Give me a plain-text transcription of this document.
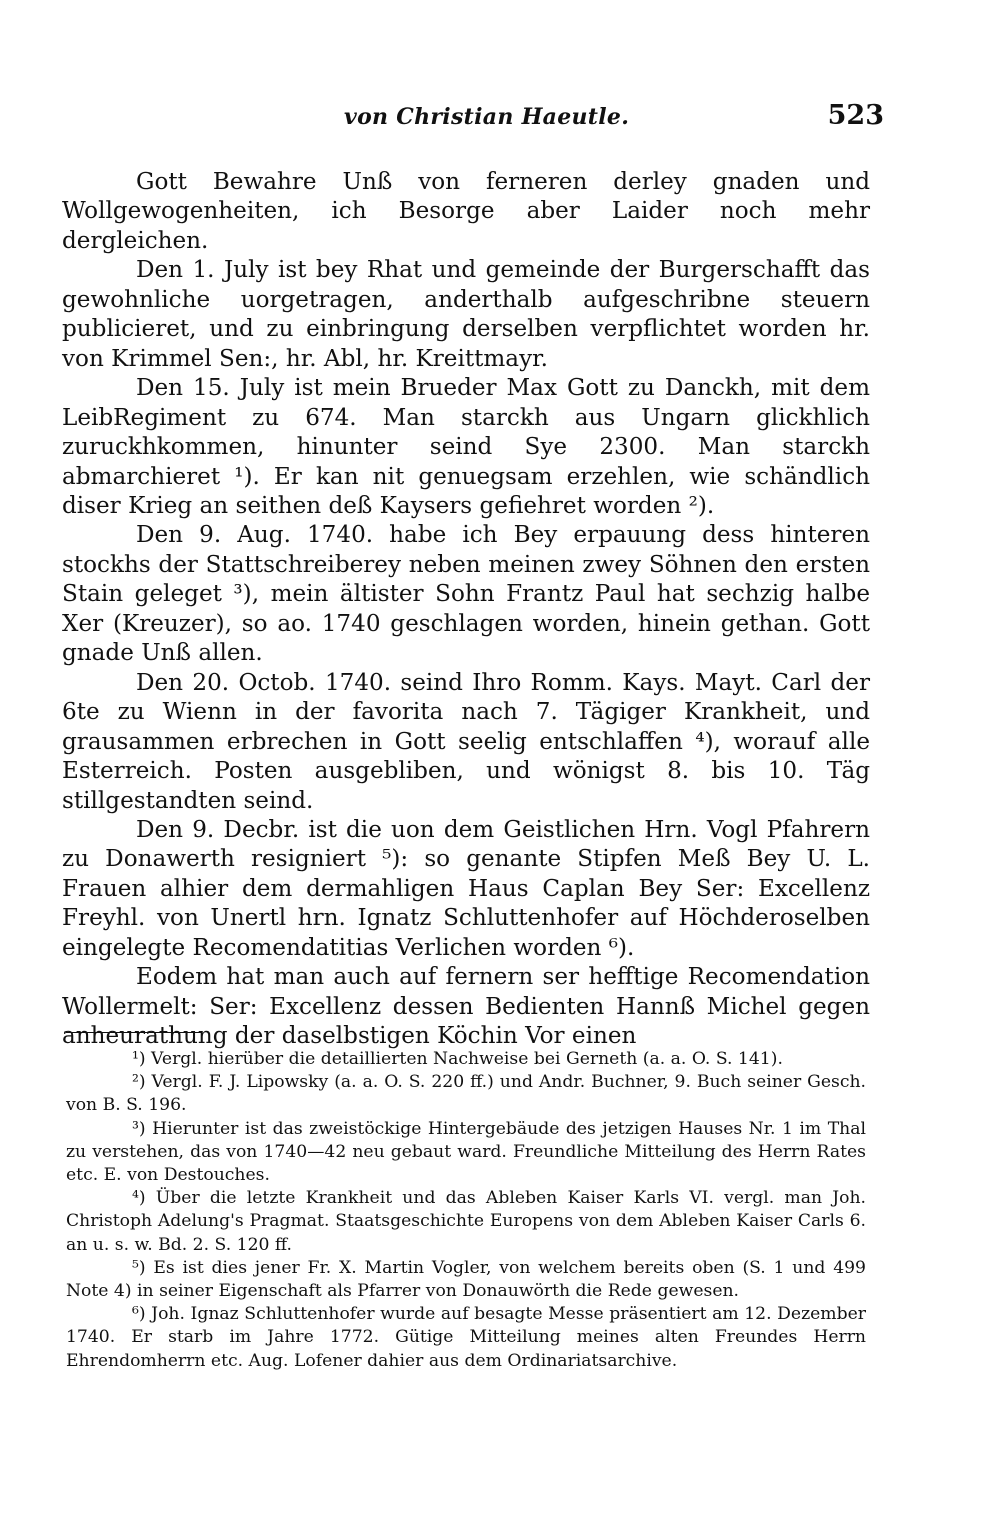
von Christian Haeutle.	523

Gott Bewahre Unß von ferneren derley gnaden und Wollgewogenheiten, ich Besorge aber Laider noch mehr dergleichen.

Den 1. July ist bey Rhat und gemeinde der Burgerschafft das gewohnliche uorgetragen, anderthalb aufgeschribne steuern publicieret, und zu einbringung derselben verpflichtet worden hr. von Krimmel Sen:, hr. Abl, hr. Kreittmayr.

Den 15. July ist mein Brueder Max Gott zu Danckh, mit dem LeibRegiment zu 674. Man starckh aus Ungarn glickhlich zuruckhkommen, hinunter seind Sye 2300. Man starckh abmarchieret ¹). Er kan nit genuegsam erzehlen, wie schändlich diser Krieg an seithen deß Kaysers gefiehret worden ²).

Den 9. Aug. 1740. habe ich Bey erpauung dess hinteren stockhs der Stattschreiberey neben meinen zwey Söhnen den ersten Stain geleget ³), mein ältister Sohn Frantz Paul hat sechzig halbe Xer (Kreuzer), so ao. 1740 geschlagen worden, hinein gethan. Gott gnade Unß allen.

Den 20. Octob. 1740. seind Ihro Romm. Kays. Mayt. Carl der 6te zu Wienn in der favorita nach 7. Tägiger Krankheit, und grausammen erbrechen in Gott seelig entschlaffen ⁴), worauf alle Esterreich. Posten ausgebliben, und wönigst 8. bis 10. Täg stillgestandten seind.

Den 9. Decbr. ist die uon dem Geistlichen Hrn. Vogl Pfahrern zu Donawerth resigniert ⁵): so genante Stipfen Meß Bey U. L. Frauen alhier dem dermahligen Haus Caplan Bey Ser: Excellenz Freyhl. von Unertl hrn. Ignatz Schluttenhofer auf Höchderoselben eingelegte Recomendatitias Verlichen worden ⁶).

Eodem hat man auch auf fernern ser hefftige Recomendation Wollermelt: Ser: Excellenz dessen Bedienten Hannß Michel gegen anheurathung der daselbstigen Köchin Vor einen

¹) Vergl. hierüber die detaillierten Nachweise bei Gerneth (a. a. O. S. 141).

²) Vergl. F. J. Lipowsky (a. a. O. S. 220 ff.) und Andr. Buchner, 9. Buch seiner Gesch. von B. S. 196.

³) Hierunter ist das zweistöckige Hintergebäude des jetzigen Hauses Nr. 1 im Thal zu verstehen, das von 1740—42 neu gebaut ward. Freundliche Mitteilung des Herrn Rates etc. E. von Destouches.

⁴) Über die letzte Krankheit und das Ableben Kaiser Karls VI. vergl. man Joh. Christoph Adelung's Pragmat. Staatsgeschichte Europens von dem Ableben Kaiser Carls 6. an u. s. w. Bd. 2. S. 120 ff.

⁵) Es ist dies jener Fr. X. Martin Vogler, von welchem bereits oben (S. 1 und 499 Note 4) in seiner Eigenschaft als Pfarrer von Donauwörth die Rede gewesen.

⁶) Joh. Ignaz Schluttenhofer wurde auf besagte Messe präsentiert am 12. Dezember 1740. Er starb im Jahre 1772. Gütige Mitteilung meines alten Freundes Herrn Ehrendomherrn etc. Aug. Lofener dahier aus dem Ordinariatsarchive.
